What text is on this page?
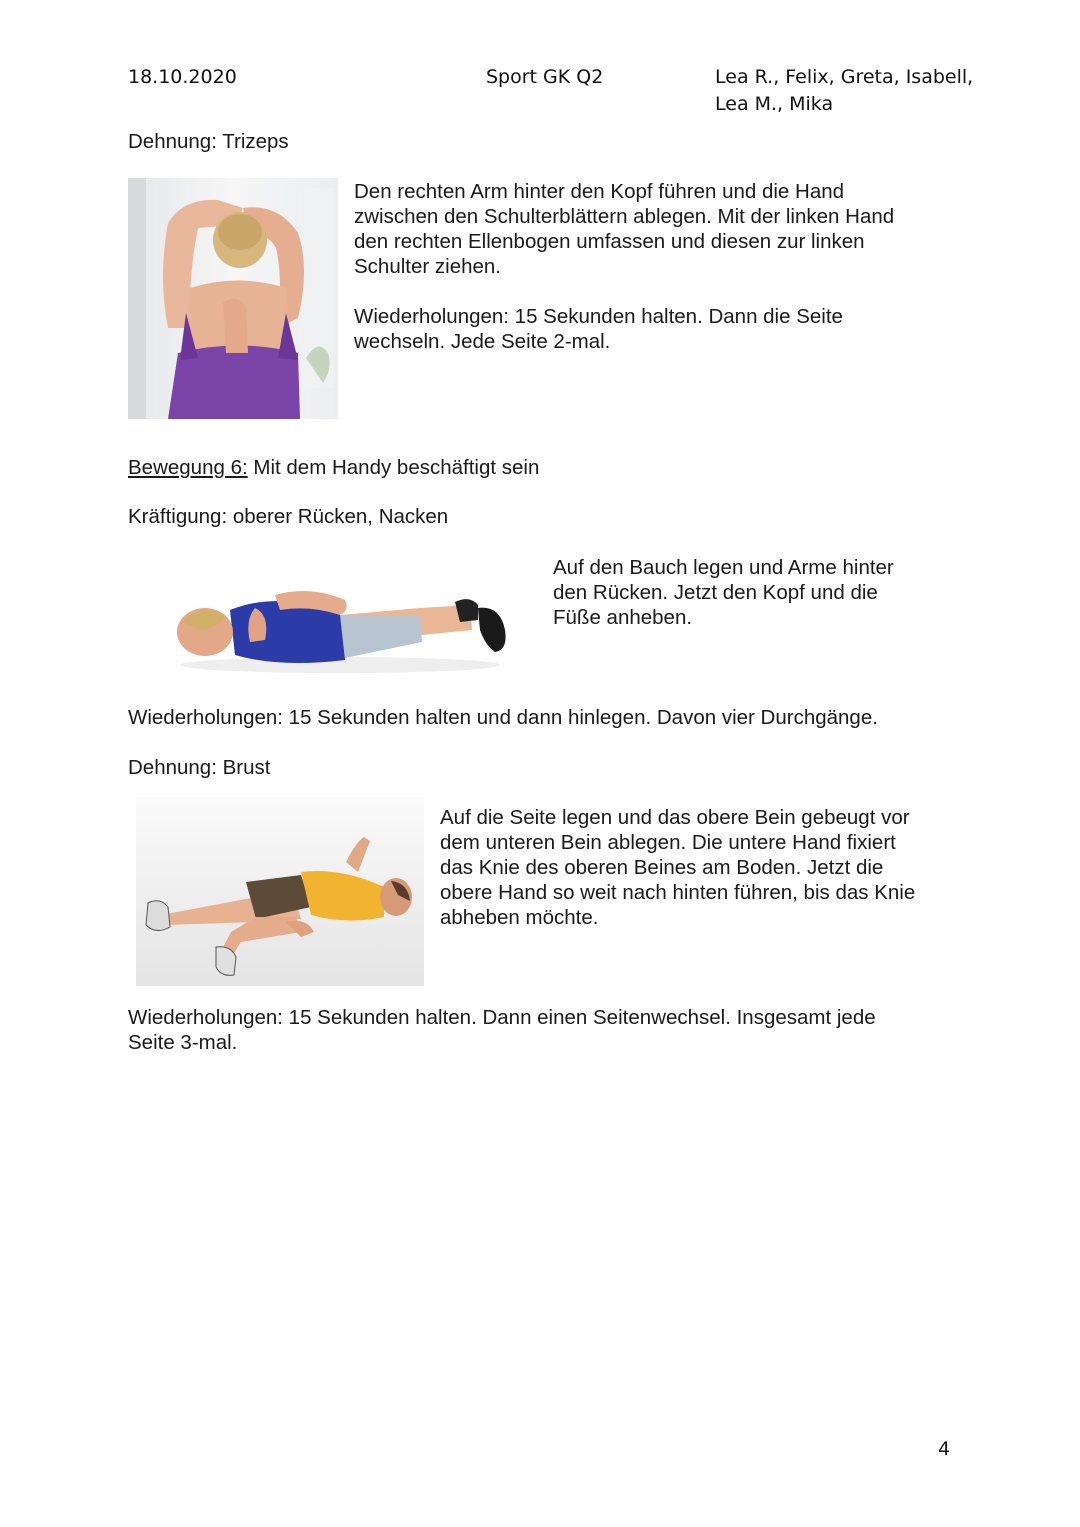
18.10.2020	Sport GK Q2	Lea R., Felix, Greta, Isabell,
Lea M., Mika
Dehnung: Trizeps
Den rechten Arm hinter den Kopf führen und die Hand
zwischen den Schulterblättern ablegen. Mit der linken Hand
den rechten Ellenbogen umfassen und diesen zur linken
Schulter ziehen.
Wiederholungen: 15 Sekunden halten. Dann die Seite
wechseln. Jede Seite 2-mal.
Bewegung 6: Mit dem Handy beschäftigt sein
Kräftigung: oberer Rücken, Nacken
Auf den Bauch legen und Arme hinter
den Rücken. Jetzt den Kopf und die
Füße anheben.
Wiederholungen: 15 Sekunden halten und dann hinlegen. Davon vier Durchgänge.
Dehnung: Brust
Auf die Seite legen und das obere Bein gebeugt vor
dem unteren Bein ablegen. Die untere Hand fixiert
das Knie des oberen Beines am Boden. Jetzt die
obere Hand so weit nach hinten führen, bis das Knie
abheben möchte.
Wiederholungen: 15 Sekunden halten. Dann einen Seitenwechsel. Insgesamt jede
Seite 3-mal.
4
